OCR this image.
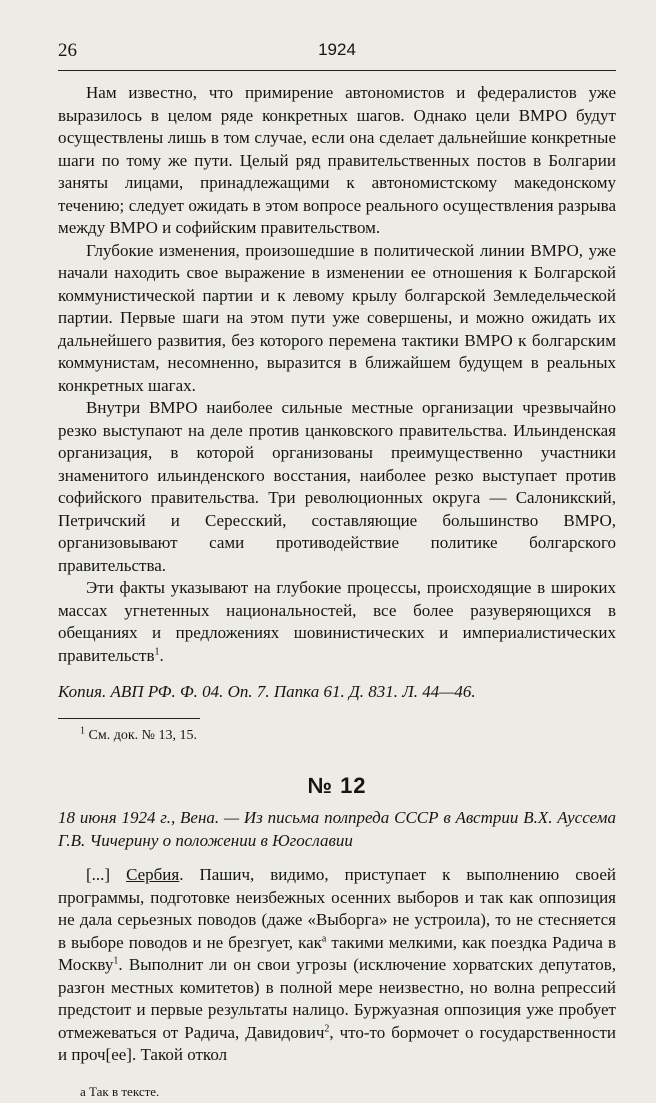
26	1924

Нам известно, что примирение автономистов и федералистов уже выразилось в целом ряде конкретных шагов. Однако цели ВМРО будут осуществлены лишь в том случае, если она сделает дальнейшие конкретные шаги по тому же пути. Целый ряд правительственных постов в Болгарии заняты лицами, принадлежащими к автономистскому македонскому течению; следует ожидать в этом вопросе реального осуществления разрыва между ВМРО и софийским правительством.

Глубокие изменения, произошедшие в политической линии ВМРО, уже начали находить свое выражение в изменении ее отношения к Болгарской коммунистической партии и к левому крылу болгарской Земледельческой партии. Первые шаги на этом пути уже совершены, и можно ожидать их дальнейшего развития, без которого перемена тактики ВМРО к болгарским коммунистам, несомненно, выразится в ближайшем будущем в реальных конкретных шагах.

Внутри ВМРО наиболее сильные местные организации чрезвычайно резко выступают на деле против цанковского правительства. Ильинденская организация, в которой организованы преимущественно участники знаменитого ильинденского восстания, наиболее резко выступает против софийского правительства. Три революционных округа — Салоникский, Петричский и Сересский, составляющие большинство ВМРО, организовывают сами противодействие политике болгарского правительства.

Эти факты указывают на глубокие процессы, происходящие в широких массах угнетенных национальностей, все более разуверяющихся в обещаниях и предложениях шовинистических и империалистических правительств$^1$.

Копия. АВП РФ. Ф. 04. Оп. 7. Папка 61. Д. 831. Л. 44—46.

$^1$ См. док. № 13, 15.

№ 12

18 июня 1924 г., Вена. — Из письма полпреда СССР в Австрии В.Х. Ауссема Г.В. Чичерину о положении в Югославии

[...] Сербия. Пашич, видимо, приступает к выполнению своей программы, подготовке неизбежных осенних выборов и так как оппозиция не дала серьезных поводов (даже «Выборга» не устроила), то не стесняется в выборе поводов и не брезгует, как$^а$ такими мелкими, как поездка Радича в Москву$^1$. Выполнит ли он свои угрозы (исключение хорватских депутатов, разгон местных комитетов) в полной мере неизвестно, но волна репрессий предстоит и первые результаты налицо. Буржуазная оппозиция уже пробует отмежеваться от Радича, Давидович$^2$, что-то бормочет о государственности и проч[ее]. Такой откол

а Так в тексте.
